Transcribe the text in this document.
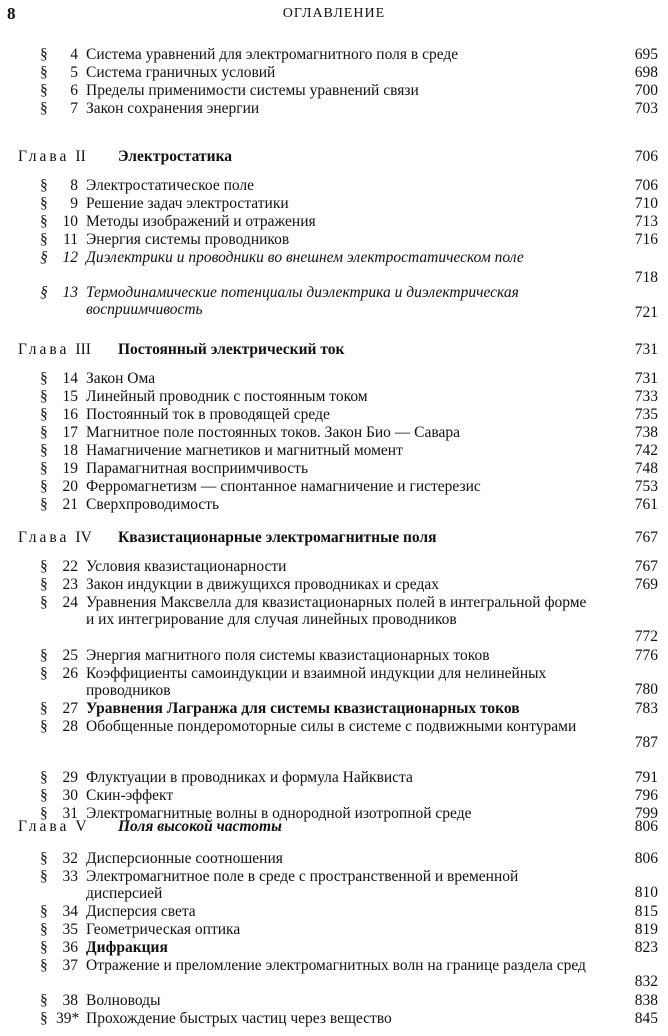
8	ОГЛАВЛЕНИЕ
§	4 Система уравнений для электромагнитного поля в среде	695
§	5 Система граничных условий	698
§	6 Пределы применимости системы уравнений связи	700
§	7 Закон сохранения энергии	703
Глава II Электростатика	706
§	8 Электростатическое поле	706
§	9 Решение задач электростатики	710
§ 10 Методы изображений и отражения	713
§ 11 Энергия системы проводников	716
§ 12 Диэлектрики и проводники во внешнем электростатическом поле
718
§ 13 Термодинамические потенциалы диэлектрика и диэлектрическая восприимчивость	721
Глава III Постоянный электрический ток	731
§ 14 Закон Ома	731
§ 15 Линейный проводник с постоянным током	733
§ 16 Постоянный ток в проводящей среде	735
§ 17 Магнитное поле постоянных токов. Закон Био — Савара	738
§ 18 Намагничение магнетиков и магнитный момент	742
§ 19 Парамагнитная восприимчивость	748
§ 20 Ферромагнетизм — спонтанное намагничение и гистерезис	753
§ 21 Сверхпроводимость	761
Глава IV Квазистационарные электромагнитные поля	767
§ 22 Условия квазистационарности	767
§ 23 Закон индукции в движущихся проводниках и средах	769
§ 24 Уравнения Максвелла для квазистационарных полей в интегральной форме и их интегрирование для случая линейных проводников
772
§ 25 Энергия магнитного поля системы квазистационарных токов	776
§ 26 Коэффициенты самоиндукции и взаимной индукции для нелинейных проводников	780
§ 27 Уравнения Лагранжа для системы квазистационарных токов	783
§ 28 Обобщенные пондеромоторные силы в системе с подвижными контурами
787
§ 29 Флуктуации в проводниках и формула Найквиста	791
§ 30 Скин-эффект	796
§ 31 Электромагнитные волны в однородной изотропной среде	799
Глава V Поля высокой частоты	806
§ 32 Дисперсионные соотношения	806
§ 33 Электромагнитное поле в среде с пространственной и временной дисперсией	810
§ 34 Дисперсия света	815
§ 35 Геометрическая оптика	819
§ 36 Дифракция	823
§ 37 Отражение и преломление электромагнитных волн на границе раздела сред
832
§ 38 Волноводы	838
§ 39* Прохождение быстрых частиц через вещество	845
